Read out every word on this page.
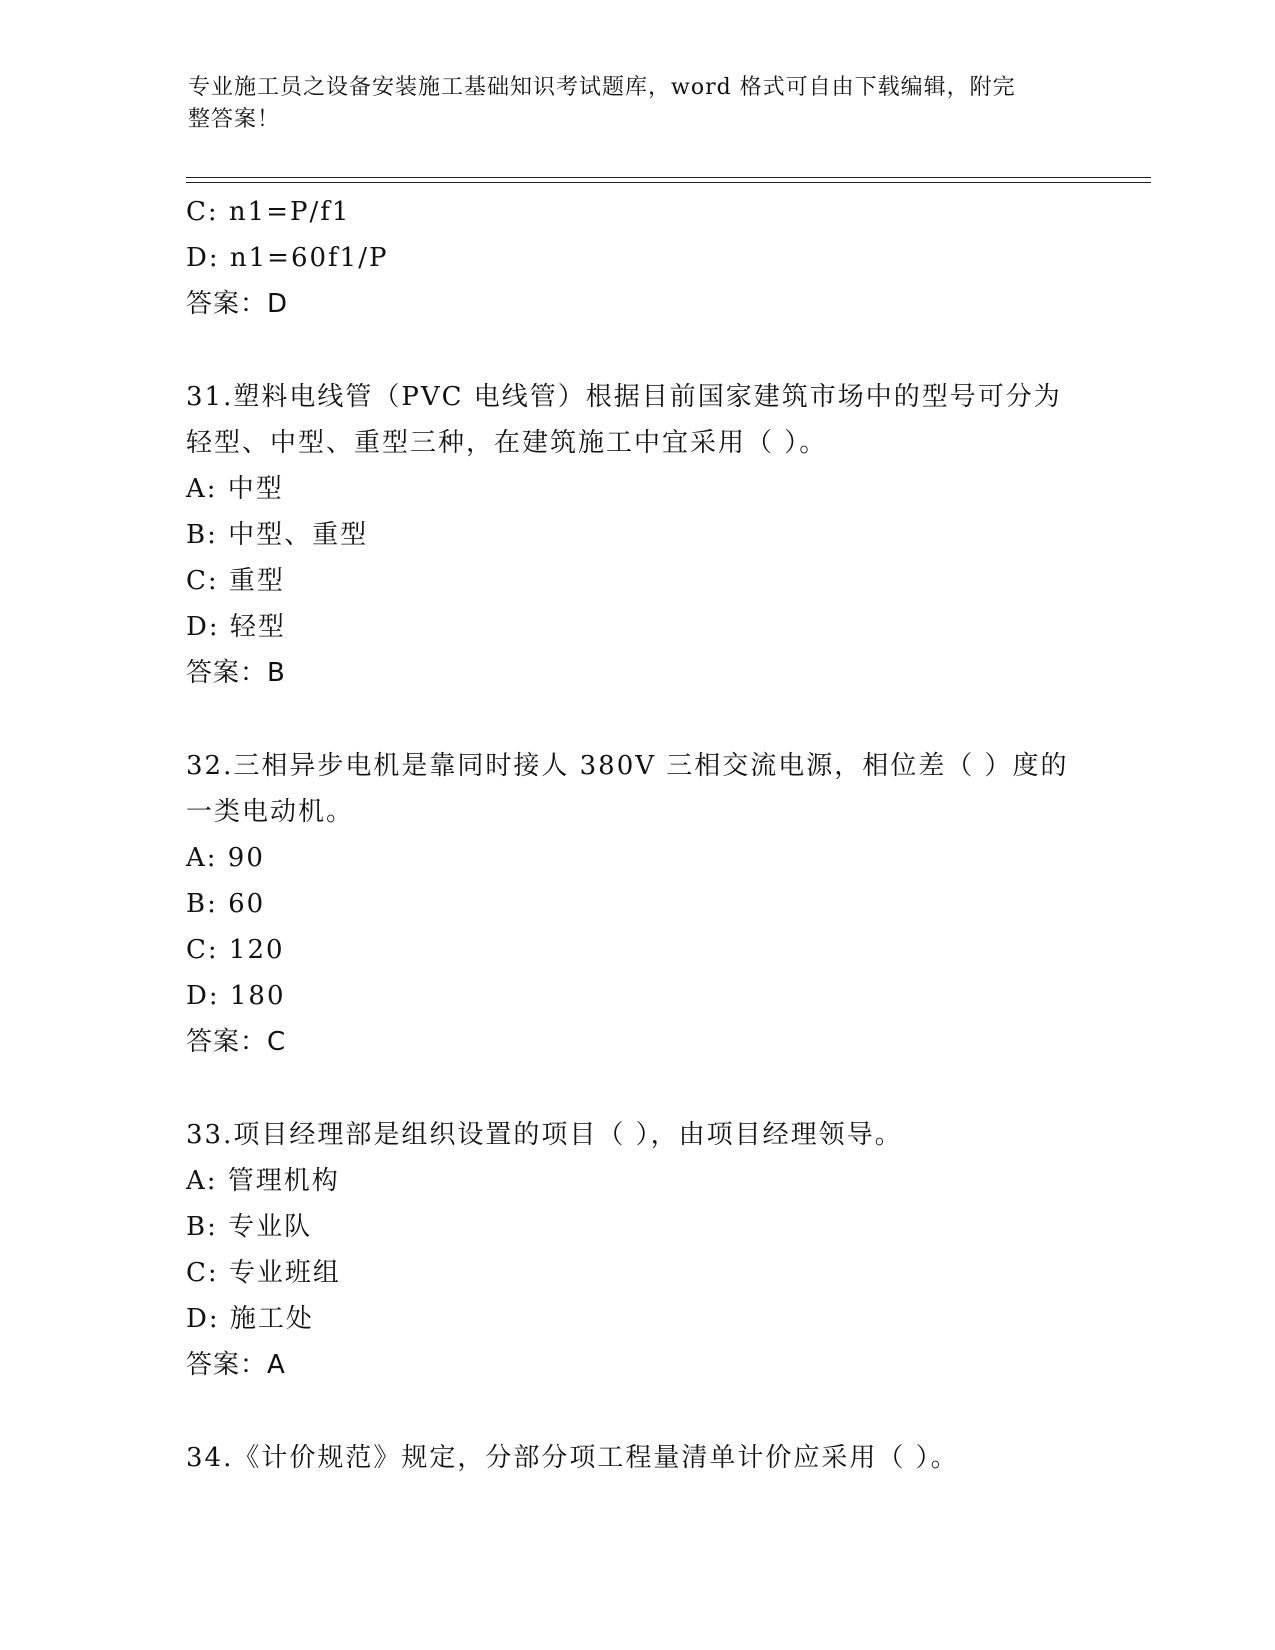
专业施工员之设备安装施工基础知识考试题库，word 格式可自由下载编辑，附完
整答案！
C: n1=P/f1
D: n1=60f1/P
答案：D
31.塑料电线管（PVC 电线管）根据目前国家建筑市场中的型号可分为
轻型、中型、重型三种，在建筑施工中宜采用（ ）。
A: 中型
B: 中型、重型
C: 重型
D: 轻型
答案：B
32.三相异步电机是靠同时接人 380V 三相交流电源，相位差（ ）度的
一类电动机。
A: 90
B: 60
C: 120
D: 180
答案：C
33.项目经理部是组织设置的项目（ ），由项目经理领导。
A: 管理机构
B: 专业队
C: 专业班组
D: 施工处
答案：A
34.《计价规范》规定，分部分项工程量清单计价应采用（ ）。
